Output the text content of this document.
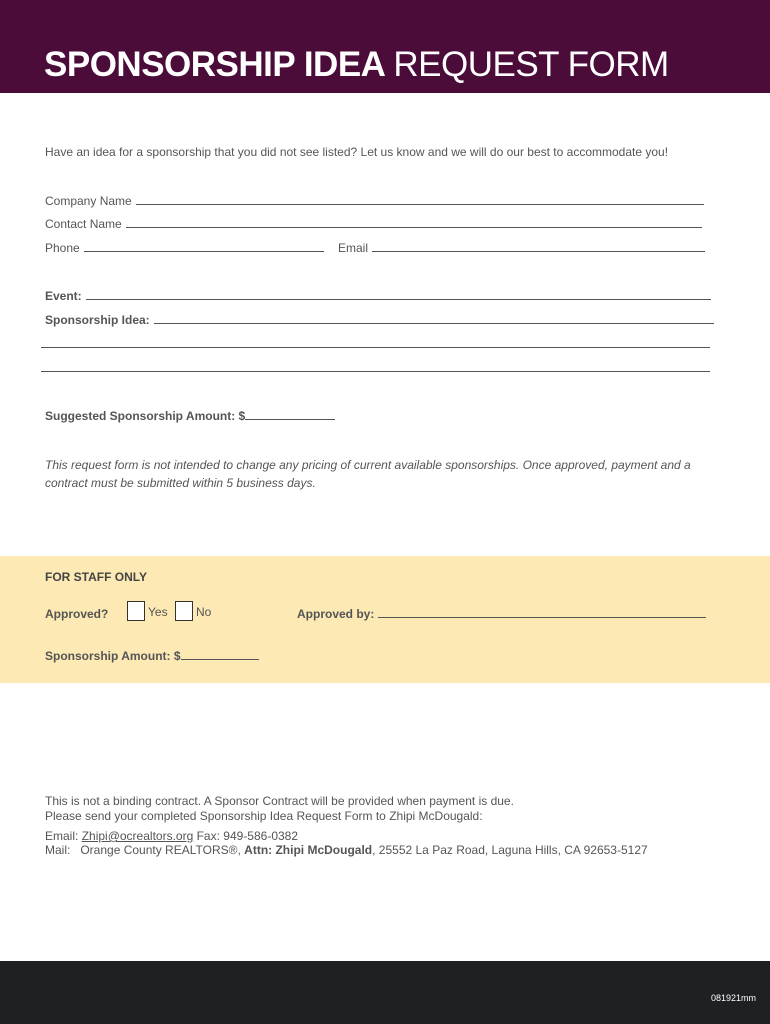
SPONSORSHIP IDEA REQUEST FORM
Have an idea for a sponsorship that you did not see listed? Let us know and we will do our best to accommodate you!
Company Name
Contact Name
Phone	Email
Event:
Sponsorship Idea:
Suggested Sponsorship Amount: $
This request form is not intended to change any pricing of current available sponsorships. Once approved, payment and a contract must be submitted within 5 business days.
FOR STAFF ONLY
Approved?	Yes	No	Approved by:
Sponsorship Amount: $
This is not a binding contract. A Sponsor Contract will be provided when payment is due.
Please send your completed Sponsorship Idea Request Form to Zhipi McDougald:
Email: Zhipi@ocrealtors.org Fax: 949-586-0382
Mail: Orange County REALTORS®, Attn: Zhipi McDougald, 25552 La Paz Road, Laguna Hills, CA 92653-5127
081921mm
